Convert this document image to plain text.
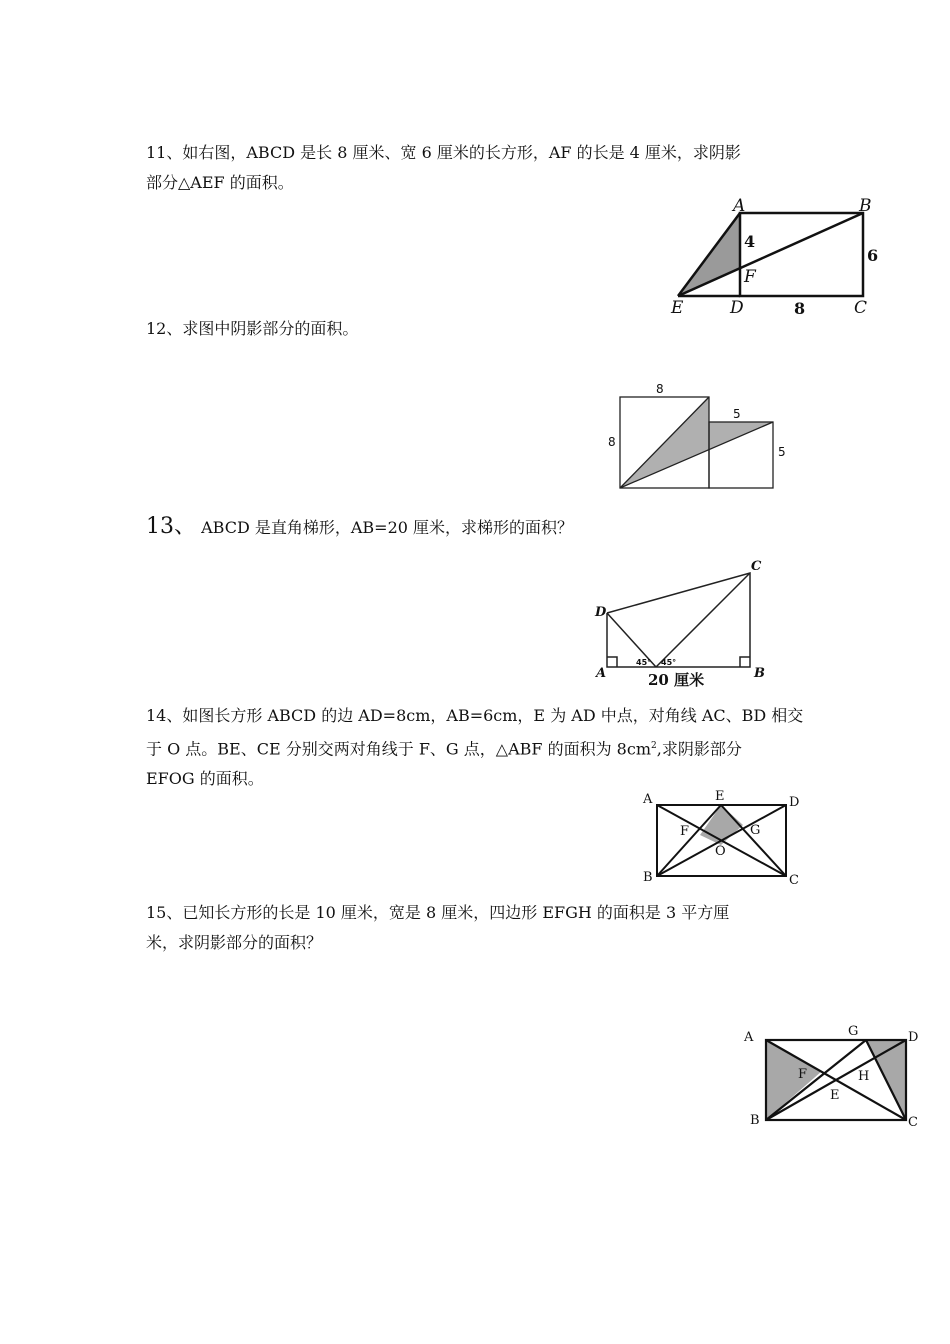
11、如右图，ABCD 是长 8 厘米、宽 6 厘米的长方形，AF 的长是 4 厘米，求阴影
部分△AEF 的面积。

A	B
C
D
E
F
4
6
8

12、求图中阴影部分的面积。

8
8
5
5

13、 ABCD 是直角梯形，AB=20 厘米，求梯形的面积？

A	B
C
D
45° 45°
20 厘米

14、如图长方形 ABCD 的边 AD=8cm，AB=6cm，E 为 AD 中点，对角线 AC、BD 相交
于 O 点。BE、CE 分别交两对角线于 F、G 点，△ABF 的面积为 $8cm^2$,求阴影部分
EFOG 的面积。

A
B	C
D
E
F	G
O

15、已知长方形的长是 10 厘米，宽是 8 厘米，四边形 EFGH 的面积是 3 平方厘
米，求阴影部分的面积？

A
B	C
D
E
F
G
H
